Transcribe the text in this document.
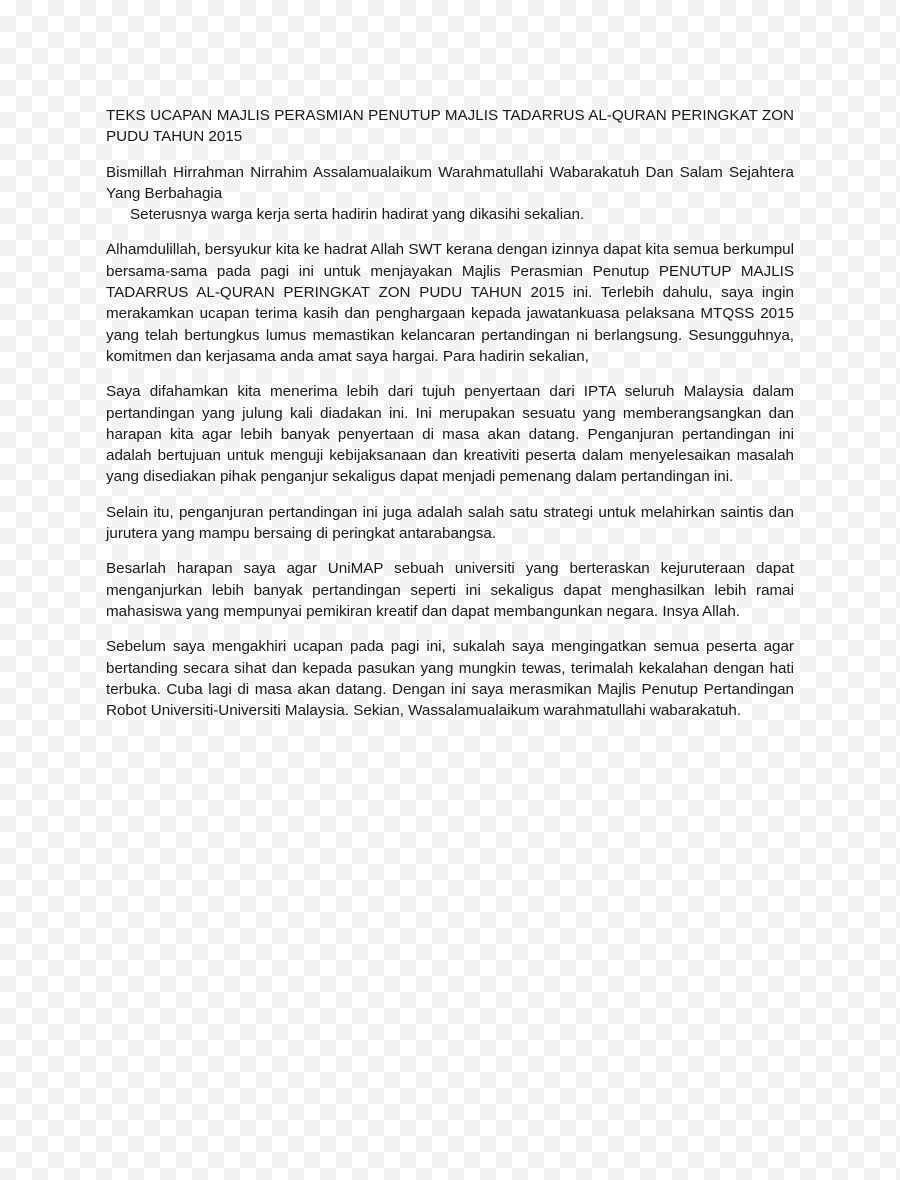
TEKS UCAPAN MAJLIS PERASMIAN PENUTUP MAJLIS TADARRUS AL-QURAN PERINGKAT ZON PUDU TAHUN 2015

Bismillah Hirrahman Nirrahim Assalamualaikum Warahmatullahi Wabarakatuh Dan Salam Sejahtera Yang Berbahagia

Seterusnya warga kerja serta hadirin hadirat yang dikasihi sekalian.

Alhamdulillah, bersyukur kita ke hadrat Allah SWT kerana dengan izinnya dapat kita semua berkumpul bersama-sama pada pagi ini untuk menjayakan Majlis Perasmian Penutup PENUTUP MAJLIS TADARRUS AL-QURAN PERINGKAT ZON PUDU TAHUN 2015 ini. Terlebih dahulu, saya ingin merakamkan ucapan terima kasih dan penghargaan kepada jawatankuasa pelaksana MTQSS 2015 yang telah bertungkus lumus memastikan kelancaran pertandingan ni berlangsung. Sesungguhnya, komitmen dan kerjasama anda amat saya hargai. Para hadirin sekalian,

Saya difahamkan kita menerima lebih dari tujuh penyertaan dari IPTA seluruh Malaysia dalam pertandingan yang julung kali diadakan ini. Ini merupakan sesuatu yang memberangsangkan dan harapan kita agar lebih banyak penyertaan di masa akan datang. Penganjuran pertandingan ini adalah bertujuan untuk menguji kebijaksanaan dan kreativiti peserta dalam menyelesaikan masalah yang disediakan pihak penganjur sekaligus dapat menjadi pemenang dalam pertandingan ini.

Selain itu, penganjuran pertandingan ini juga adalah salah satu strategi untuk melahirkan saintis dan jurutera yang mampu bersaing di peringkat antarabangsa.

Besarlah harapan saya agar UniMAP sebuah universiti yang berteraskan kejuruteraan dapat menganjurkan lebih banyak pertandingan seperti ini sekaligus dapat menghasilkan lebih ramai mahasiswa yang mempunyai pemikiran kreatif dan dapat membangunkan negara. Insya Allah.

Sebelum saya mengakhiri ucapan pada pagi ini, sukalah saya mengingatkan semua peserta agar bertanding secara sihat dan kepada pasukan yang mungkin tewas, terimalah kekalahan dengan hati terbuka. Cuba lagi di masa akan datang. Dengan ini saya merasmikan Majlis Penutup Pertandingan Robot Universiti-Universiti Malaysia. Sekian, Wassalamualaikum warahmatullahi wabarakatuh.
